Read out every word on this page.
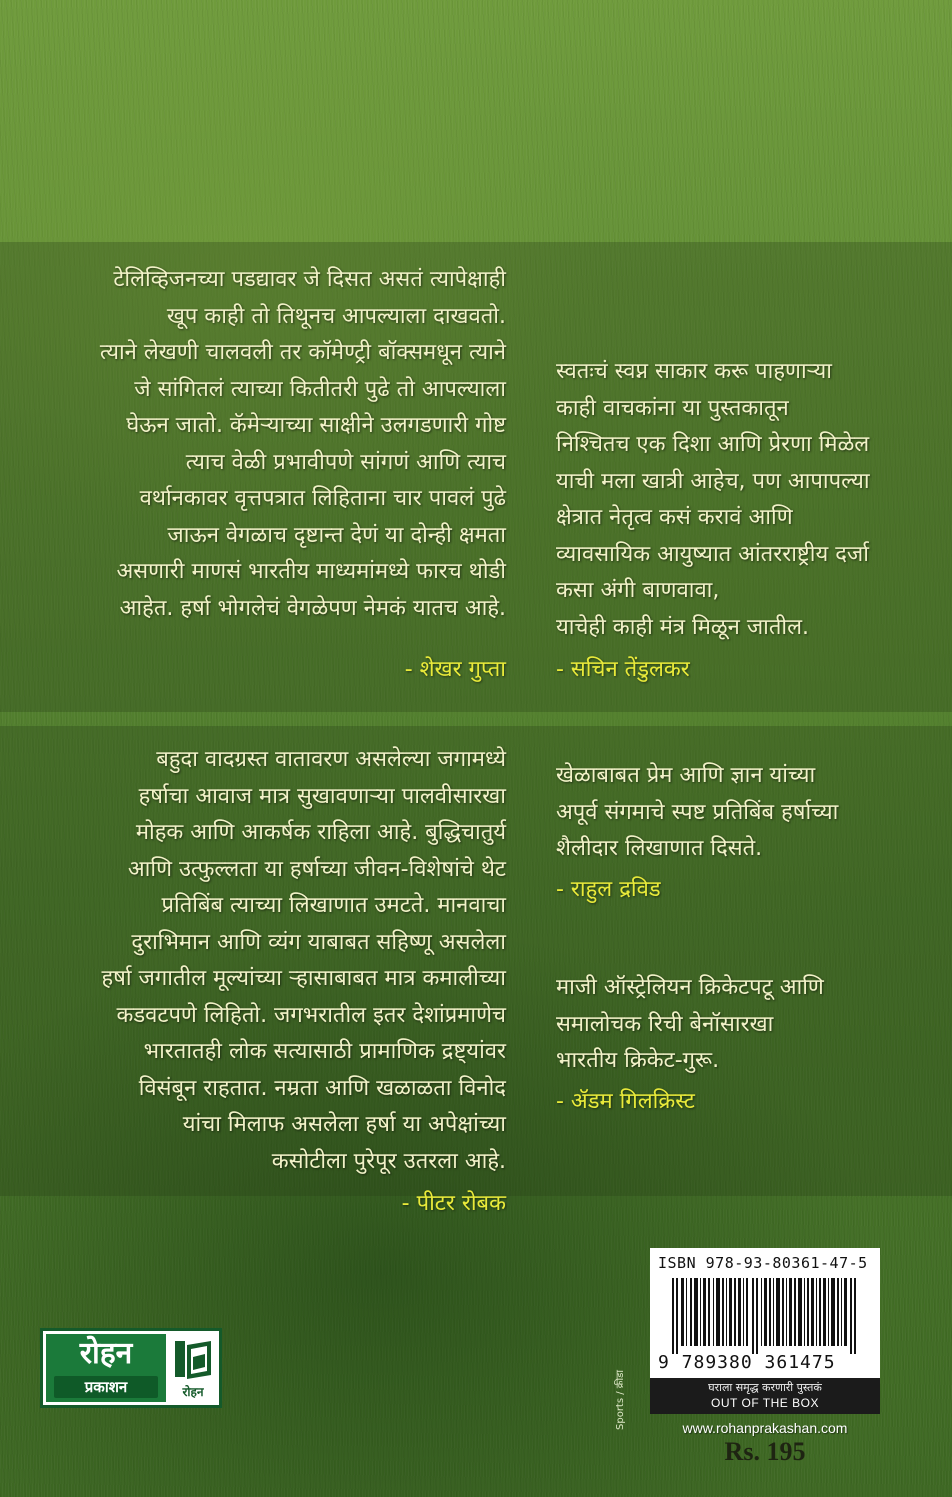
टेलिव्हिजनच्या पडद्यावर जे दिसत असतं त्यापेक्षाही
खूप काही तो तिथूनच आपल्याला दाखवतो.
त्याने लेखणी चालवली तर कॉमेण्ट्री बॉक्समधून त्याने
जे सांगितलं त्याच्या कितीतरी पुढे तो आपल्याला
घेऊन जातो. कॅमेऱ्याच्या साक्षीने उलगडणारी गोष्ट
त्याच वेळी प्रभावीपणे सांगणं आणि त्याच
वर्थानकावर वृत्तपत्रात लिहिताना चार पावलं पुढे
जाऊन वेगळाच दृष्टान्त देणं या दोन्ही क्षमता
असणारी माणसं भारतीय माध्यमांमध्ये फारच थोडी
आहेत. हर्षा भोगलेचं वेगळेपण नेमकं यातच आहे.
- शेखर गुप्ता
स्वतःचं स्वप्न साकार करू पाहणाऱ्या
काही वाचकांना या पुस्तकातून
निश्चितच एक दिशा आणि प्रेरणा मिळेल
याची मला खात्री आहेच, पण आपापल्या
क्षेत्रात नेतृत्व कसं करावं आणि
व्यावसायिक आयुष्यात आंतरराष्ट्रीय दर्जा
कसा अंगी बाणवावा,
याचेही काही मंत्र मिळून जातील.
- सचिन तेंडुलकर
बहुदा वादग्रस्त वातावरण असलेल्या जगामध्ये
हर्षाचा आवाज मात्र सुखावणाऱ्या पालवीसारखा
मोहक आणि आकर्षक राहिला आहे. बुद्धिचातुर्य
आणि उत्फुल्लता या हर्षाच्या जीवन-विशेषांचे थेट
प्रतिबिंब त्याच्या लिखाणात उमटते. मानवाचा
दुराभिमान आणि व्यंग याबाबत सहिष्णू असलेला
हर्षा जगातील मूल्यांच्या ऱ्हासाबाबत मात्र कमालीच्या
कडवटपणे लिहितो. जगभरातील इतर देशांप्रमाणेच
भारतातही लोक सत्यासाठी प्रामाणिक द्रष्ट्यांवर
विसंबून राहतात. नम्रता आणि खळाळता विनोद
यांचा मिलाफ असलेला हर्षा या अपेक्षांच्या
कसोटीला पुरेपूर उतरला आहे.
- पीटर रोबक
खेळाबाबत प्रेम आणि ज्ञान यांच्या
अपूर्व संगमाचे स्पष्ट प्रतिबिंब हर्षाच्या
शैलीदार लिखाणात दिसते.
- राहुल द्रविड
माजी ऑस्ट्रेलियन क्रिकेटपटू आणि
समालोचक रिची बेनॉसारखा
भारतीय क्रिकेट-गुरू.
- ॲडम गिलक्रिस्ट
रोहन
प्रकाशन	रोहन	Sports / क्रीडा
ISBN 978-93-80361-47-5
9 789380 361475
घराला समृद्ध करणारी पुस्तकं
OUT OF THE BOX
www.rohanprakashan.com
Rs. 195
